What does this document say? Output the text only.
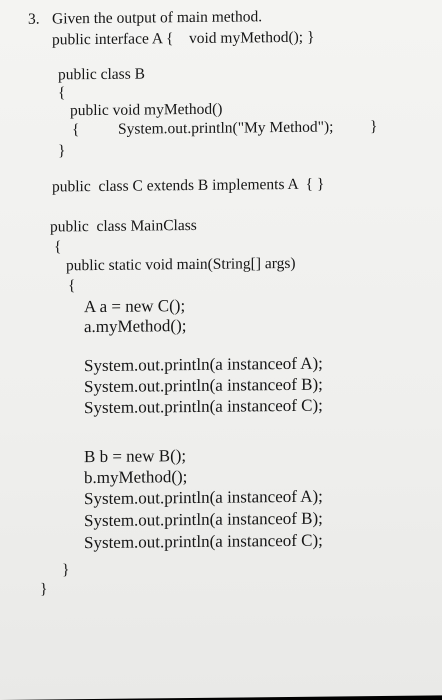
3. Given the output of main method.
public interface A {    void myMethod(); }
public class B
{
public void myMethod()
{ System.out.println("My Method"); }
}
public  class C extends B implements A  { }
public  class MainClass
{
public static void main(String[] args)
{
A a = new C();
a.myMethod();
System.out.println(a instanceof A);
System.out.println(a instanceof B);
System.out.println(a instanceof C);
B b = new B();
b.myMethod();
System.out.println(a instanceof A);
System.out.println(a instanceof B);
System.out.println(a instanceof C);
}
}
